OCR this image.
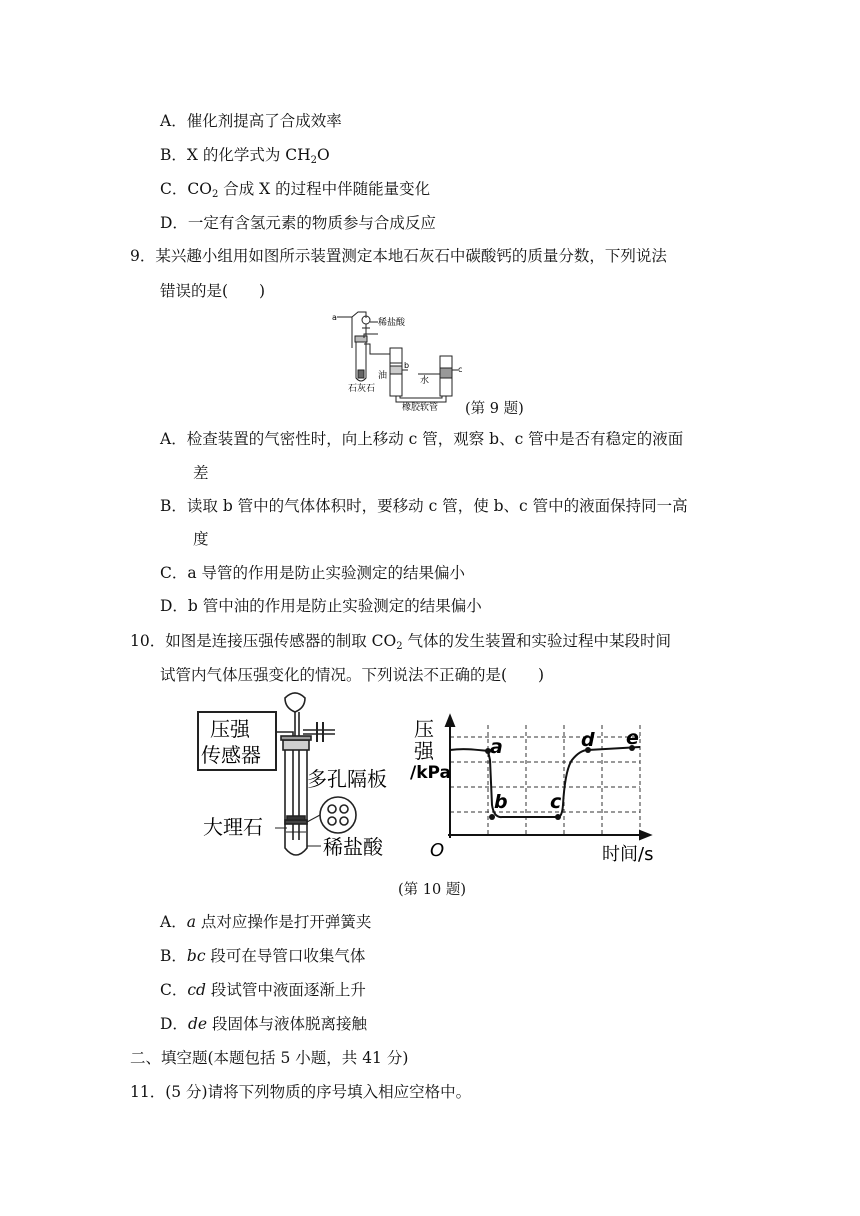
A．催化剂提高了合成效率
B．X 的化学式为 $CH_2O$
C．$CO_2$ 合成 X 的过程中伴随能量变化
D．一定有含氢元素的物质参与合成反应
9．某兴趣小组用如图所示装置测定本地石灰石中碳酸钙的质量分数，下列说法
错误的是(　　)
a
稀盐酸
石灰石
油
b
水
c
橡胶软管 (第 9 题)
A．检查装置的气密性时，向上移动 c 管，观察 b、c 管中是否有稳定的液面
差
B．读取 b 管中的气体体积时，要移动 c 管，使 b、c 管中的液面保持同一高
度
C．a 导管的作用是防止实验测定的结果偏小
D．b 管中油的作用是防止实验测定的结果偏小
10．如图是连接压强传感器的制取 $CO_2$ 气体的发生装置和实验过程中某段时间
试管内气体压强变化的情况。下列说法不正确的是(　　)
压强
传感器
多孔隔板
大理石
稀盐酸
压
强
/kPa
O	时间/s
a
b c
d e
(第 10 题)
A．a 点对应操作是打开弹簧夹
B．bc 段可在导管口收集气体
C．cd 段试管中液面逐渐上升
D．de 段固体与液体脱离接触
二、填空题(本题包括 5 小题，共 41 分)
11．(5 分)请将下列物质的序号填入相应空格中。
